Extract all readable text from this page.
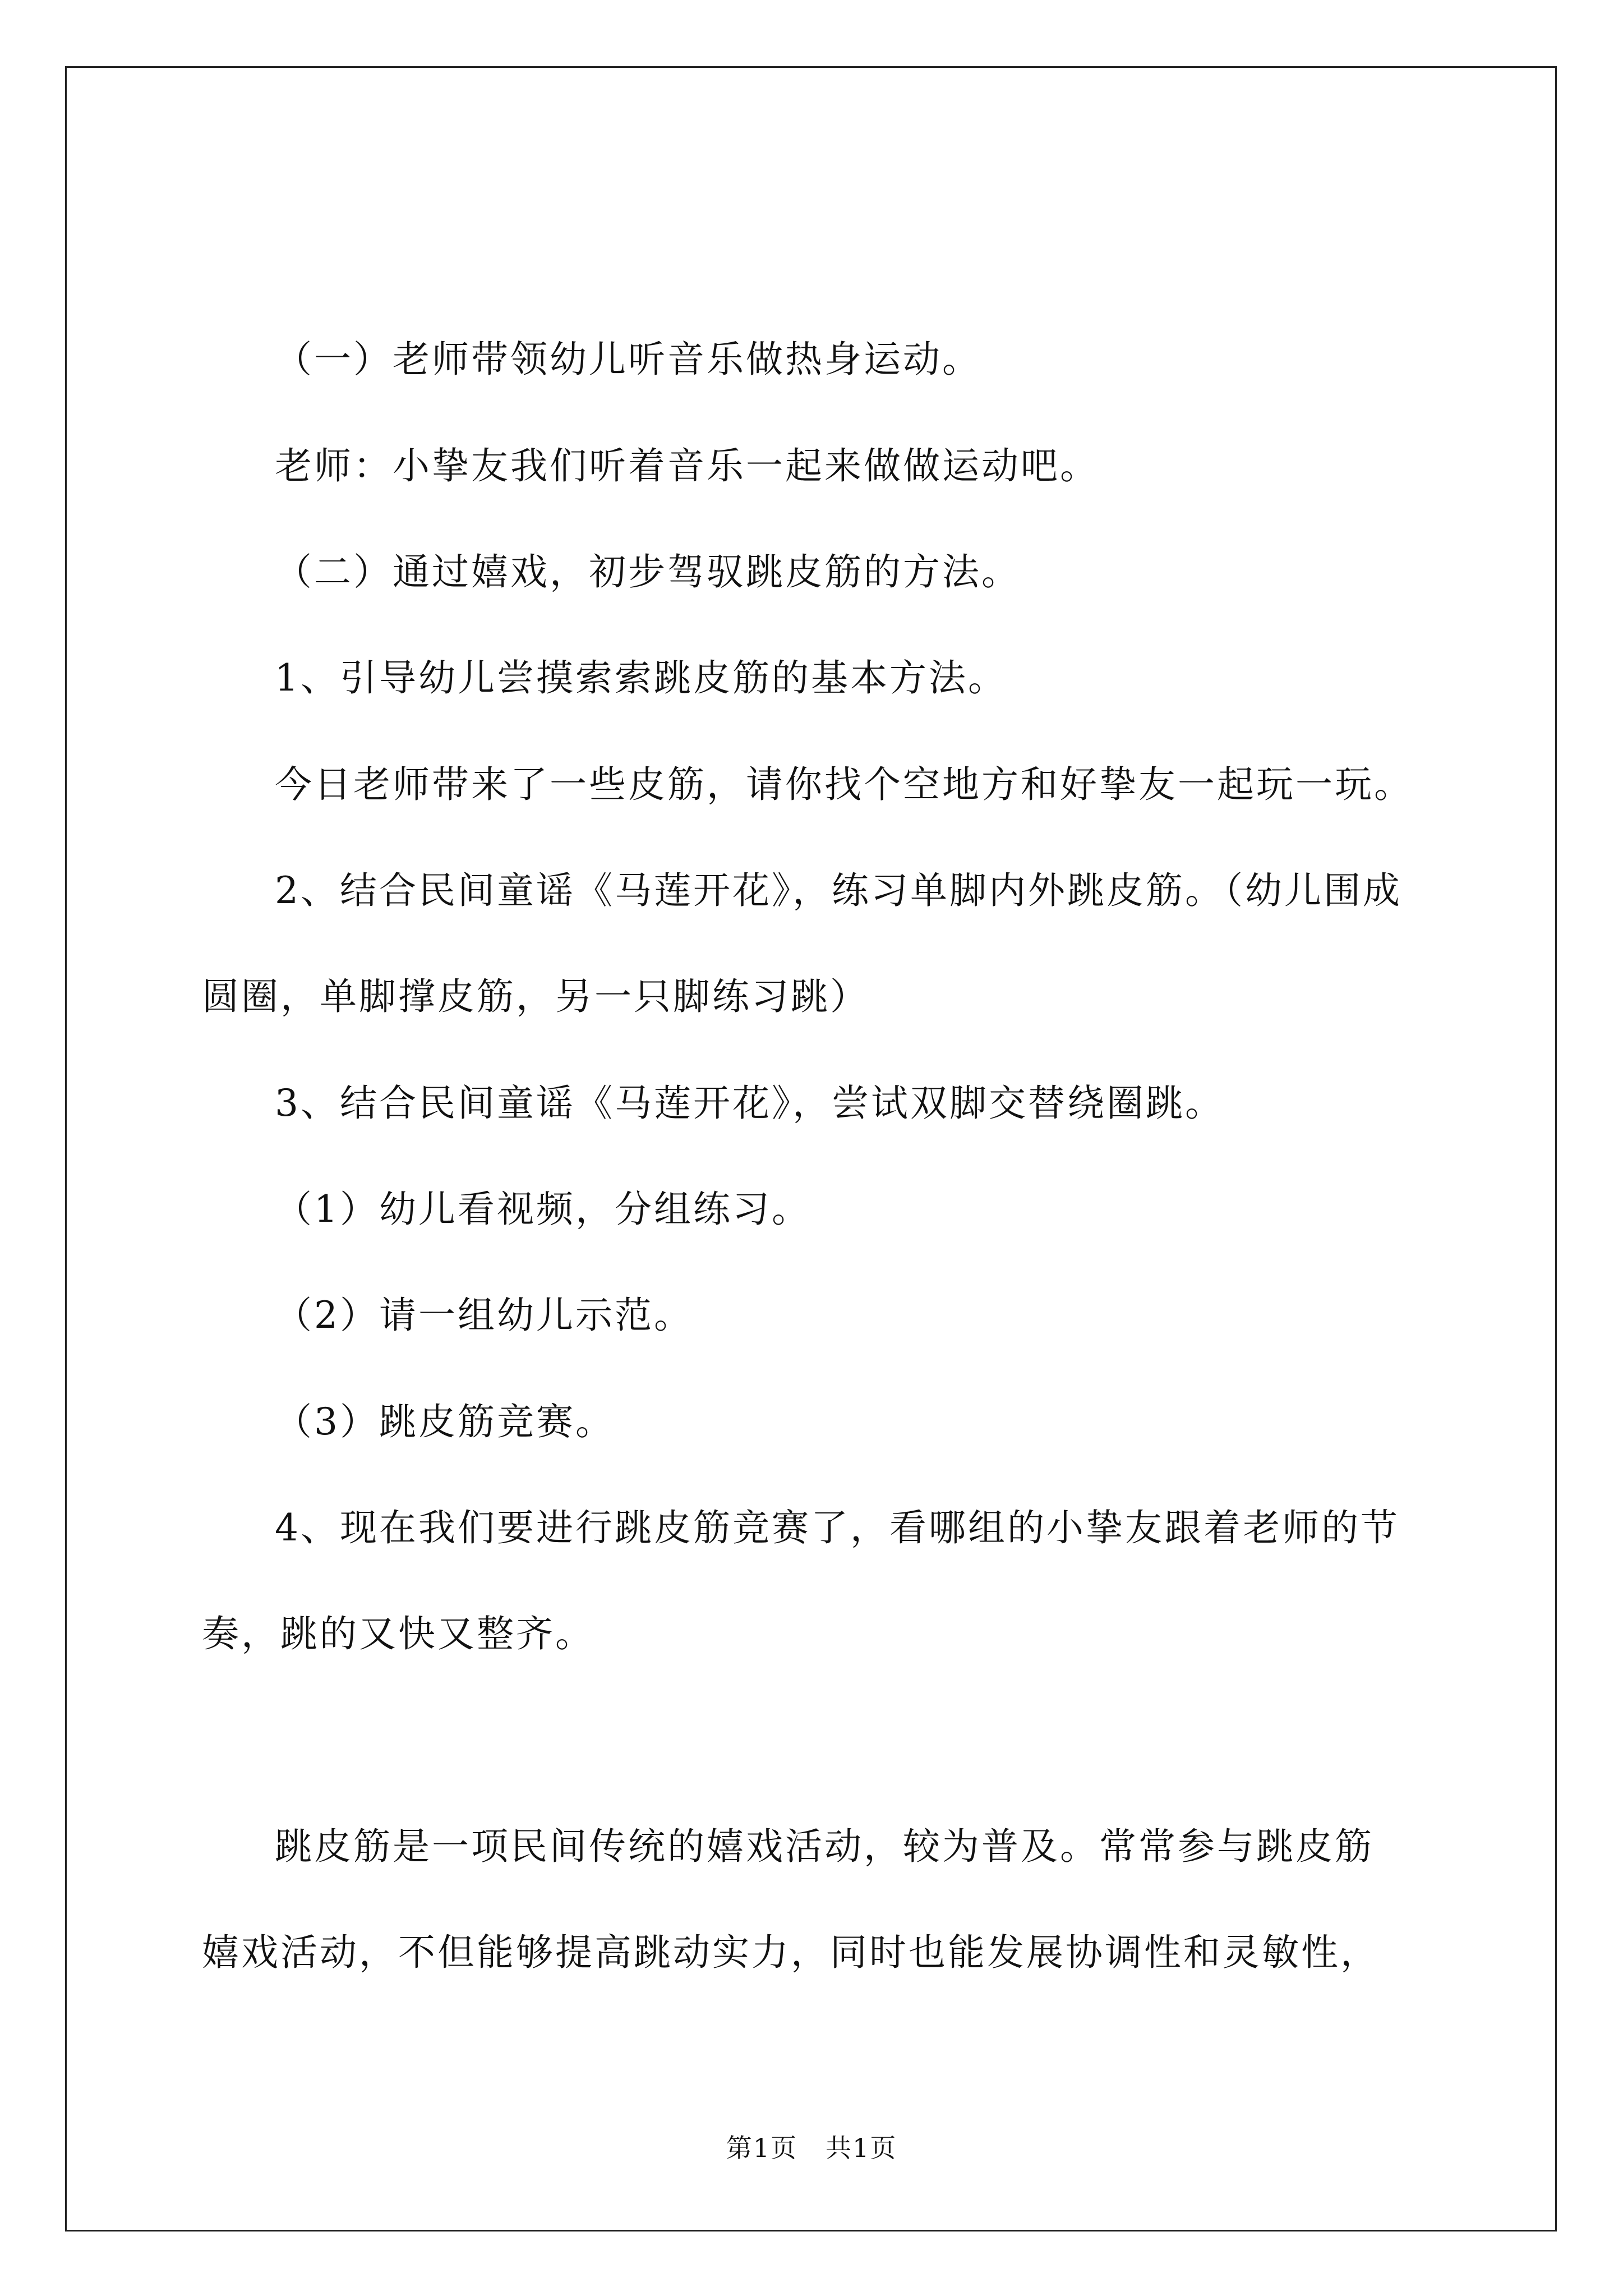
（一）老师带领幼儿听音乐做热身运动。
老师：小挚友我们听着音乐一起来做做运动吧。
（二）通过嬉戏，初步驾驭跳皮筋的方法。
1、引导幼儿尝摸索索跳皮筋的基本方法。
今日老师带来了一些皮筋，请你找个空地方和好挚友一起玩一玩。
2、结合民间童谣《马莲开花》，练习单脚内外跳皮筋。（幼儿围成
圆圈，单脚撑皮筋，另一只脚练习跳）
3、结合民间童谣《马莲开花》，尝试双脚交替绕圈跳。
（1）幼儿看视频，分组练习。
（2）请一组幼儿示范。
（3）跳皮筋竞赛。
4、现在我们要进行跳皮筋竞赛了，看哪组的小挚友跟着老师的节
奏，跳的又快又整齐。
跳皮筋是一项民间传统的嬉戏活动，较为普及。常常参与跳皮筋
嬉戏活动，不但能够提高跳动实力，同时也能发展协调性和灵敏性，
第1页 共1页
